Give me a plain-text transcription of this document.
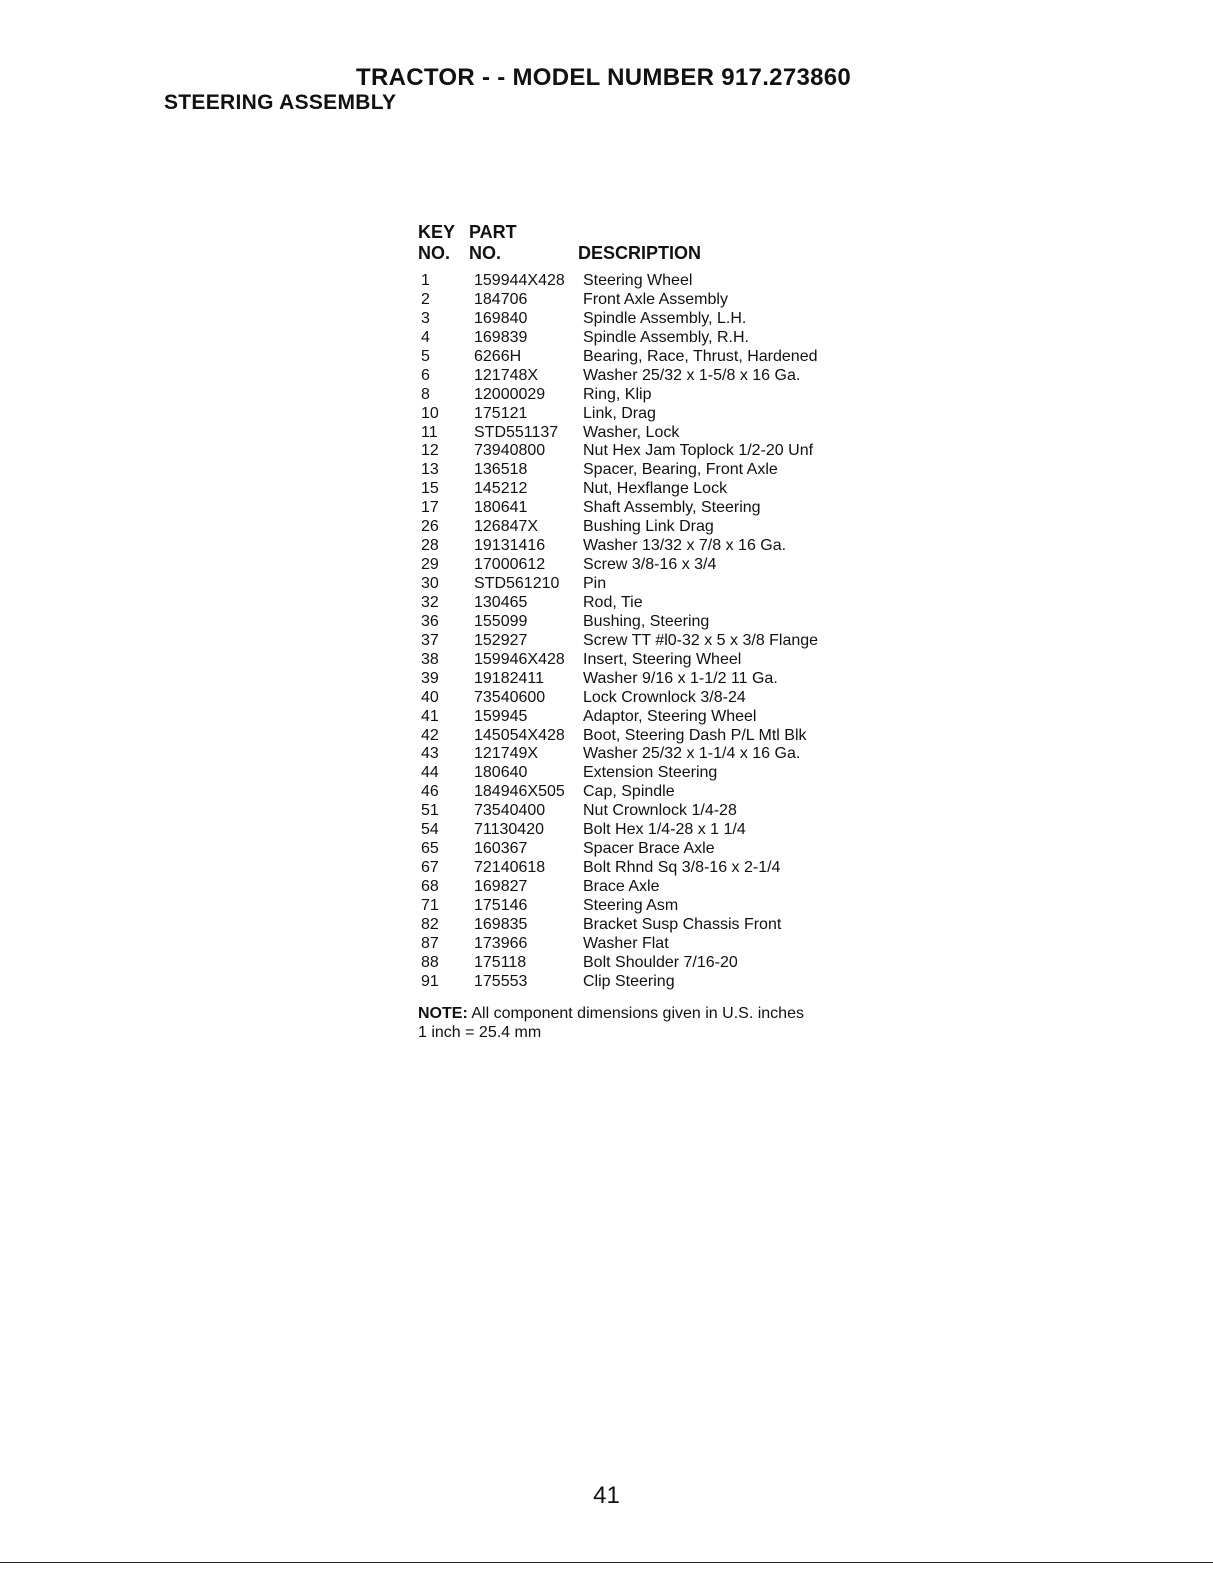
TRACTOR - - MODEL NUMBER 917.273860
STEERING ASSEMBLY
KEY PART
NO. NO.	DESCRIPTION
1	159944X428	Steering Wheel
2	184706	Front Axle Assembly
3	169840	Spindle Assembly, L.H.
4	169839	Spindle Assembly, R.H.
5	6266H	Bearing, Race, Thrust, Hardened
6	121748X	Washer 25/32 x 1-5/8 x 16 Ga.
8	12000029	Ring, Klip
10	175121	Link, Drag
11	STD551137	Washer, Lock
12	73940800	Nut Hex Jam Toplock 1/2-20 Unf
13	136518	Spacer, Bearing, Front Axle
15	145212	Nut, Hexflange Lock
17	180641	Shaft Assembly, Steering
26	126847X	Bushing Link Drag
28	19131416	Washer 13/32 x 7/8 x 16 Ga.
29	17000612	Screw 3/8-16 x 3/4
30	STD561210	Pin
32	130465	Rod, Tie
36	155099	Bushing, Steering
37	152927	Screw TT #l0-32 x 5 x 3/8 Flange
38	159946X428	Insert, Steering Wheel
39	19182411	Washer 9/16 x 1-1/2 11 Ga.
40	73540600	Lock Crownlock 3/8-24
41	159945	Adaptor, Steering Wheel
42	145054X428	Boot, Steering Dash P/L Mtl Blk
43	121749X	Washer 25/32 x 1-1/4 x 16 Ga.
44	180640	Extension Steering
46	184946X505	Cap, Spindle
51	73540400	Nut Crownlock 1/4-28
54	71130420	Bolt Hex 1/4-28 x 1 1/4
65	160367	Spacer Brace Axle
67	72140618	Bolt Rhnd Sq 3/8-16 x 2-1/4
68	169827	Brace Axle
71	175146	Steering Asm
82	169835	Bracket Susp Chassis Front
87	173966	Washer Flat
88	175118	Bolt Shoulder 7/16-20
91	175553	Clip Steering
NOTE: All component dimensions given in U.S. inches
1 inch = 25.4 mm
41
